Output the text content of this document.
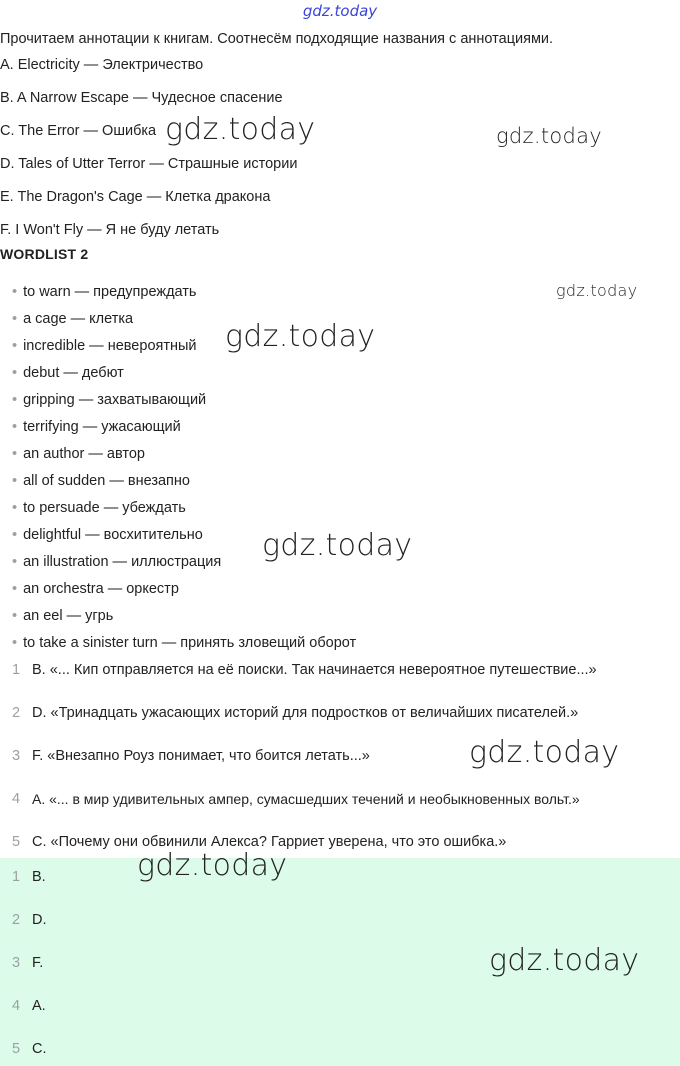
gdz.today
Прочитаем аннотации к книгам. Соотнесём подходящие названия с аннотациями.
A. Electricity — Электричество
B. A Narrow Escape — Чудесное спасение
C. The Error — Ошибка
D. Tales of Utter Terror — Страшные истории
E. The Dragon's Cage — Клетка дракона
F. I Won't Fly — Я не буду летать
WORDLIST 2
• to warn — предупреждать
• a cage — клетка
• incredible — невероятный
• debut — дебют
• gripping — захватывающий
• terrifying — ужасающий
• an author — автор
• all of sudden — внезапно
• to persuade — убеждать
• delightful — восхитительно
• an illustration — иллюстрация
• an orchestra — оркестр
• an eel — угрь
• to take a sinister turn — принять зловещий оборот
1 B. «... Кип отправляется на её поиски. Так начинается невероятное путешествие...»
2 D. «Тринадцать ужасающих историй для подростков от величайших писателей.»
3 F. «Внезапно Роуз понимает, что боится летать...»
4 A. «... в мир удивительных ампер, сумасшедших течений и необыкновенных вольт.»
5 C. «Почему они обвинили Алекса? Гарриет уверена, что это ошибка.»
1 B.
2 D.
3 F.
4 A.
5 C.
gdz.today	gdz.today
gdz.today
gdz.today
gdz.today
gdz.today
gdz.today
gdz.today
